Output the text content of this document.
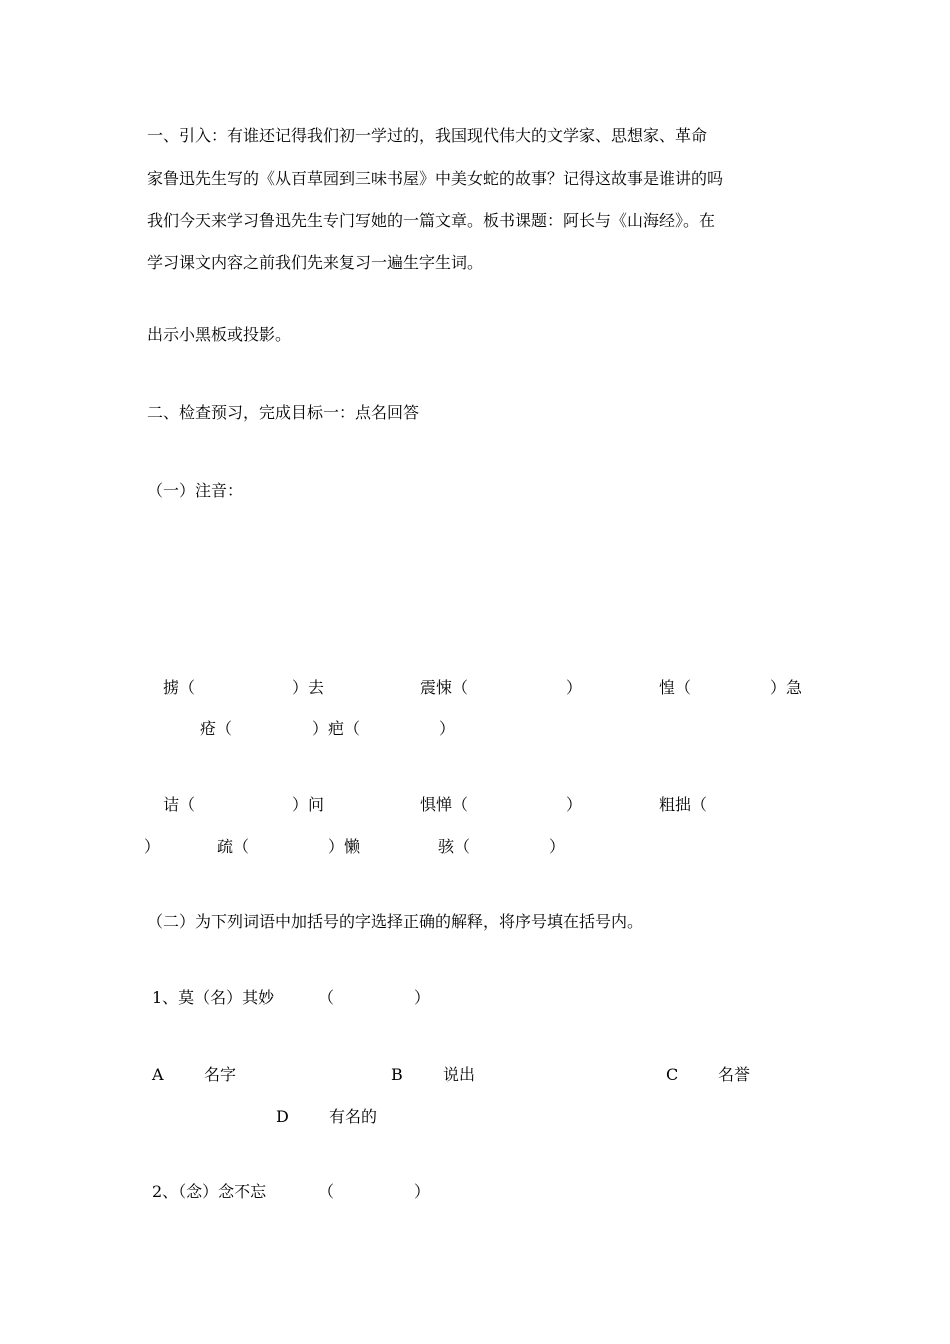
一、引入：有谁还记得我们初一学过的，我国现代伟大的文学家、思想家、革命

家鲁迅先生写的《从百草园到三味书屋》中美女蛇的故事？记得这故事是谁讲的吗

我们今天来学习鲁迅先生专门写她的一篇文章。板书课题：阿长与《山海经》。在

学习课文内容之前我们先来复习一遍生字生词。

出示小黑板或投影。

二、检查预习，完成目标一：点名回答

（一）注音：

掳（	）去	震悚（	）	惶（	）急
疮（	）疤（	）
诘（	）问	惧惮（	）	粗拙（
）	疏（	）懒	骇（	）

（二）为下列词语中加括号的字选择正确的解释，将序号填在括号内。

1、莫（名）其妙	（　　　　　）
A	名字	B	说出	C 名誉
D	有名的
2、（念）念不忘	（　　　　　）
